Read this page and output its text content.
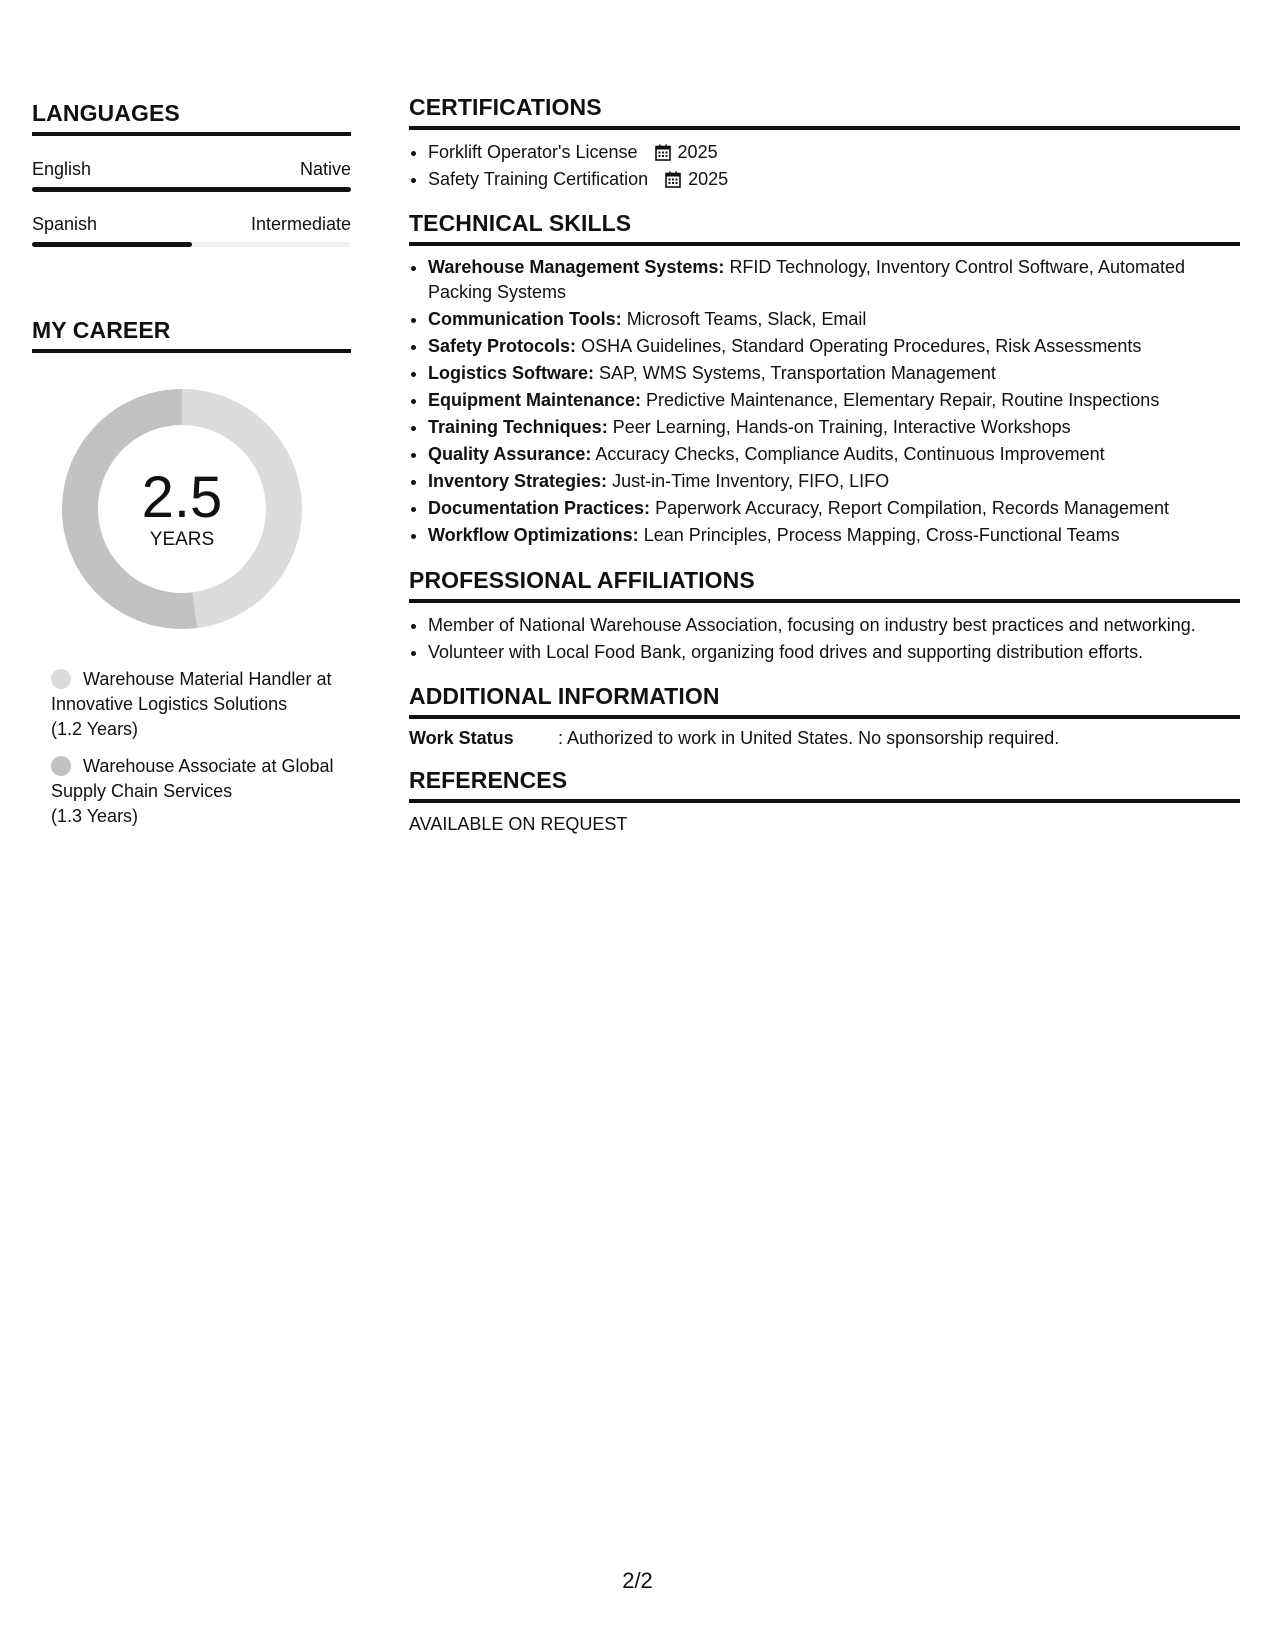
LANGUAGES
English	Native
Spanish	Intermediate
MY CAREER
2.5
YEARS
Warehouse Material Handler at Innovative Logistics Solutions
(1.2 Years)
Warehouse Associate at Global Supply Chain Services
(1.3 Years)
CERTIFICATIONS
• Forklift Operator's License 2025
• Safety Training Certification 2025
TECHNICAL SKILLS
• Warehouse Management Systems: RFID Technology, Inventory Control Software, Automated Packing Systems
• Communication Tools: Microsoft Teams, Slack, Email
• Safety Protocols: OSHA Guidelines, Standard Operating Procedures, Risk Assessments
• Logistics Software: SAP, WMS Systems, Transportation Management
• Equipment Maintenance: Predictive Maintenance, Elementary Repair, Routine Inspections
• Training Techniques: Peer Learning, Hands-on Training, Interactive Workshops
• Quality Assurance: Accuracy Checks, Compliance Audits, Continuous Improvement
• Inventory Strategies: Just-in-Time Inventory, FIFO, LIFO
• Documentation Practices: Paperwork Accuracy, Report Compilation, Records Management
• Workflow Optimizations: Lean Principles, Process Mapping, Cross-Functional Teams
PROFESSIONAL AFFILIATIONS
• Member of National Warehouse Association, focusing on industry best practices and networking.
• Volunteer with Local Food Bank, organizing food drives and supporting distribution efforts.
ADDITIONAL INFORMATION
Work Status	: Authorized to work in United States. No sponsorship required.
REFERENCES
AVAILABLE ON REQUEST
2/2
